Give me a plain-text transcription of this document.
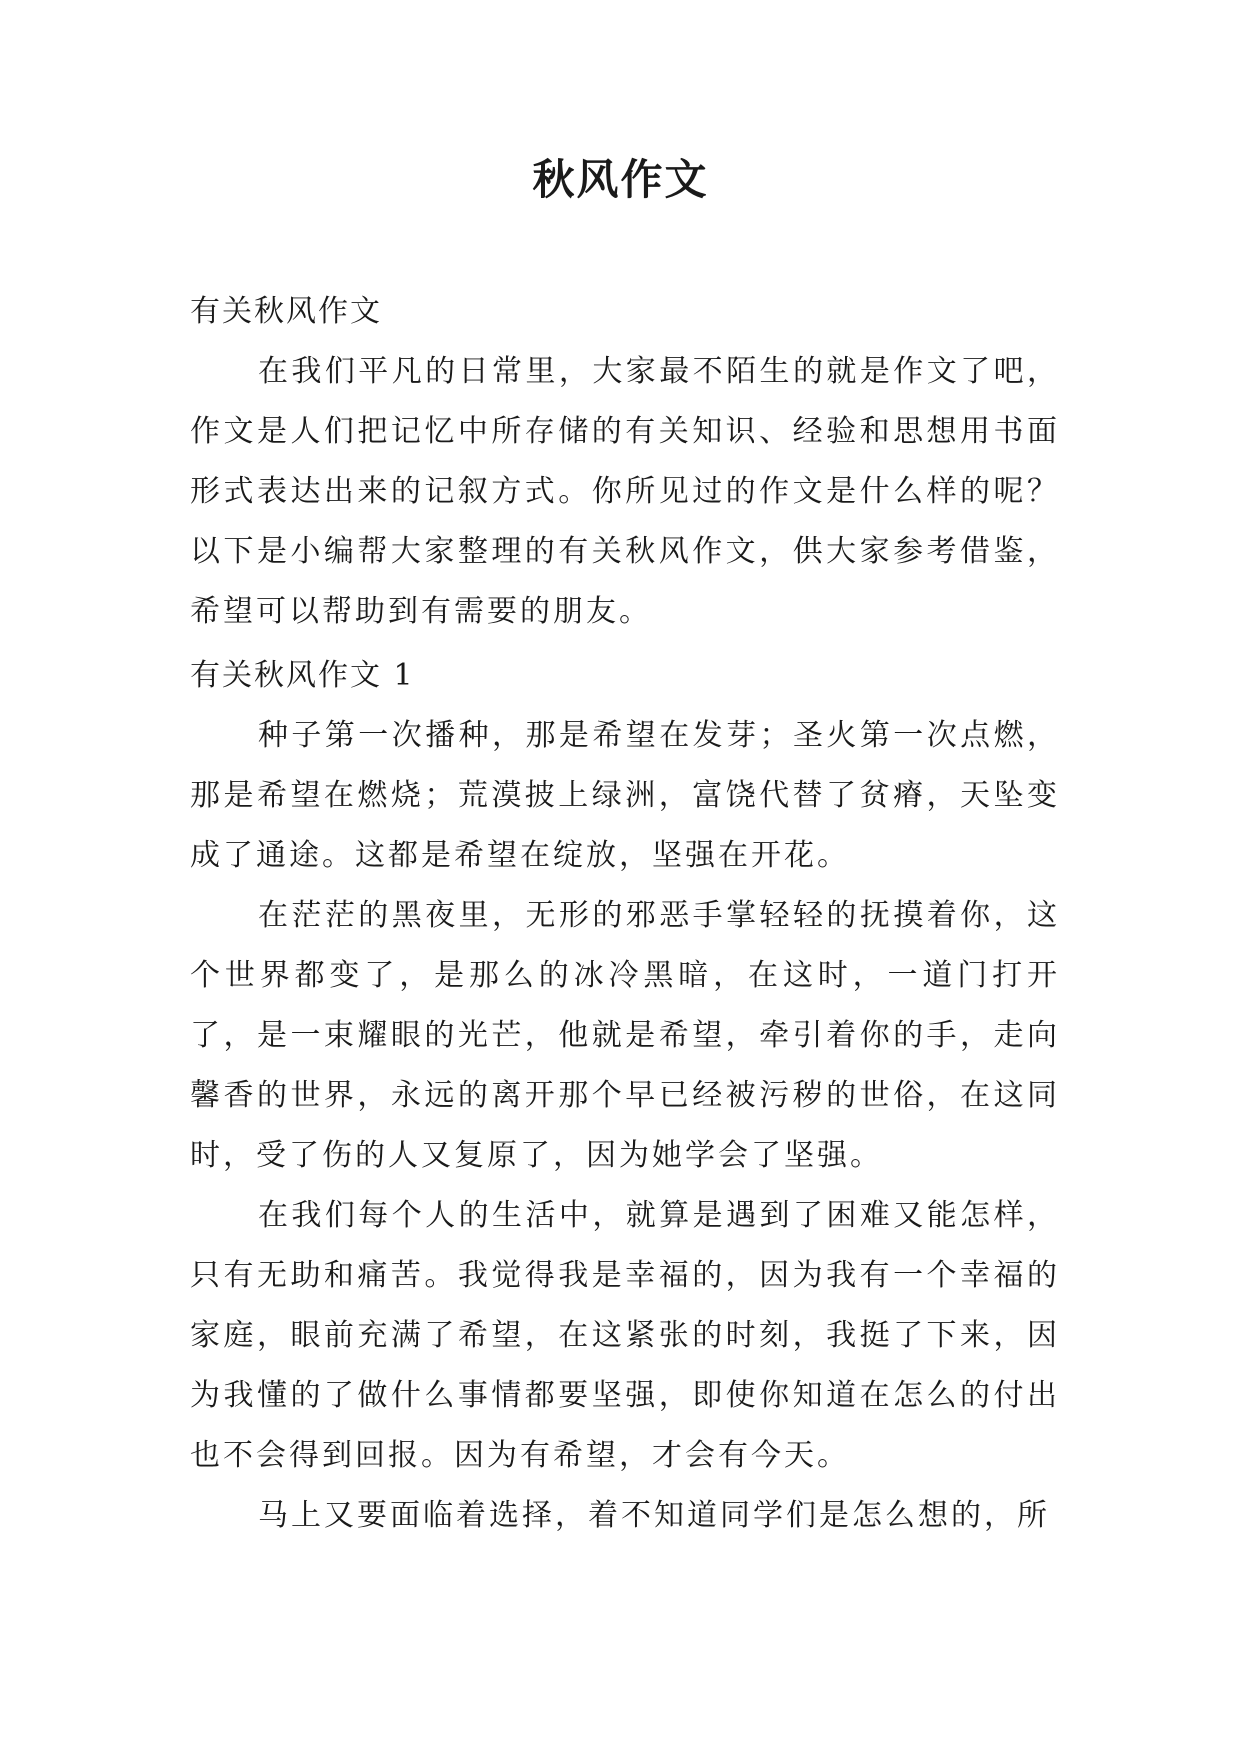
秋风作文
有关秋风作文

在我们平凡的日常里，大家最不陌生的就是作文了吧，作文是人们把记忆中所存储的有关知识、经验和思想用书面形式表达出来的记叙方式。你所见过的作文是什么样的呢？以下是小编帮大家整理的有关秋风作文，供大家参考借鉴，希望可以帮助到有需要的朋友。

有关秋风作文 1

种子第一次播种，那是希望在发芽；圣火第一次点燃，那是希望在燃烧；荒漠披上绿洲，富饶代替了贫瘠，天坠变成了通途。这都是希望在绽放，坚强在开花。

在茫茫的黑夜里，无形的邪恶手掌轻轻的抚摸着你，这个世界都变了，是那么的冰冷黑暗，在这时，一道门打开了，是一束耀眼的光芒，他就是希望，牵引着你的手，走向馨香的世界，永远的离开那个早已经被污秽的世俗，在这同时，受了伤的人又复原了，因为她学会了坚强。

在我们每个人的生活中，就算是遇到了困难又能怎样，只有无助和痛苦。我觉得我是幸福的，因为我有一个幸福的家庭，眼前充满了希望，在这紧张的时刻，我挺了下来，因为我懂的了做什么事情都要坚强，即使你知道在怎么的付出也不会得到回报。因为有希望，才会有今天。

马上又要面临着选择，着不知道同学们是怎么想的，所
